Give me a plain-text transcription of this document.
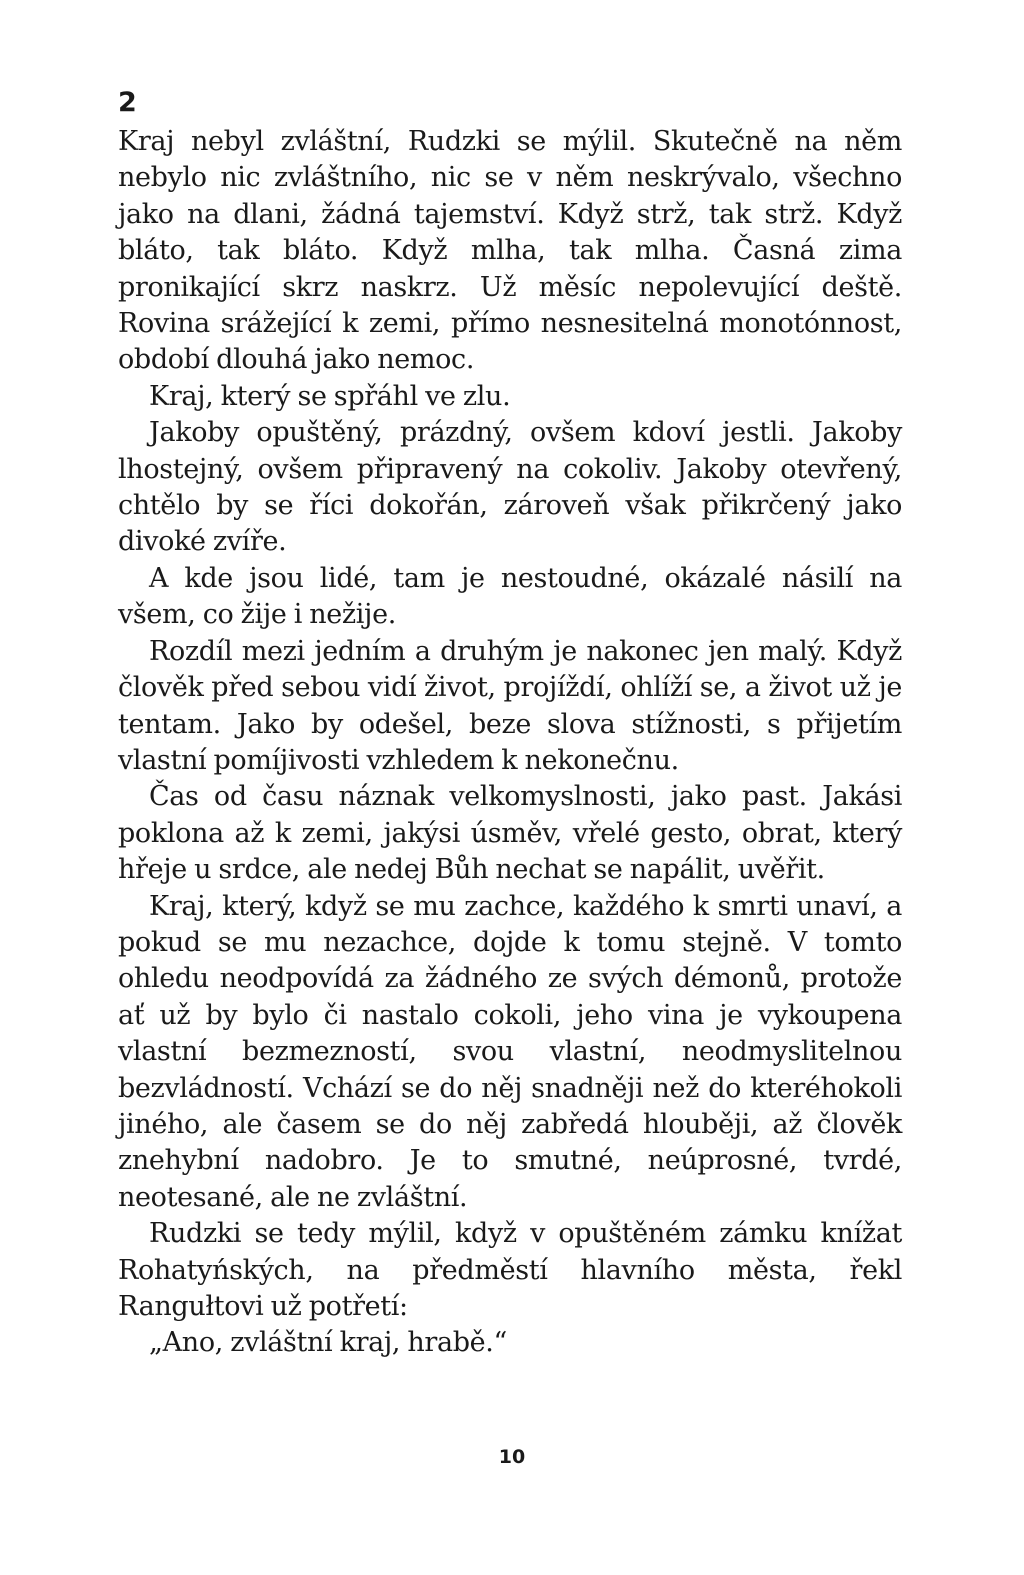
2

Kraj nebyl zvláštní, Rudzki se mýlil. Skutečně na něm nebylo nic zvláštního, nic se v něm neskrývalo, všechno jako na dlani, žádná tajemství. Když strž, tak strž. Když bláto, tak bláto. Když mlha, tak mlha. Časná zima pronikající skrz naskrz. Už měsíc nepolevující deště. Rovina srážející k zemi, přímo nesnesitelná monotónnost, období dlouhá jako nemoc.

Kraj, který se spřáhl ve zlu.

Jakoby opuštěný, prázdný, ovšem kdoví jestli. Jakoby lhostejný, ovšem připravený na cokoliv. Jakoby otevřený, chtělo by se říci dokořán, zároveň však přikrčený jako divoké zvíře.

A kde jsou lidé, tam je nestoudné, okázalé násilí na všem, co žije i nežije.

Rozdíl mezi jedním a druhým je nakonec jen malý. Když člověk před sebou vidí život, projíždí, ohlíží se, a život už je tentam. Jako by odešel, beze slova stížnosti, s přijetím vlastní pomíjivosti vzhledem k nekonečnu.

Čas od času náznak velkomyslnosti, jako past. Jakási poklona až k zemi, jakýsi úsměv, vřelé gesto, obrat, který hřeje u srdce, ale nedej Bůh nechat se napálit, uvěřit.

Kraj, který, když se mu zachce, každého k smrti unaví, a pokud se mu nezachce, dojde k tomu stejně. V tomto ohledu neodpovídá za žádného ze svých démonů, protože ať už by bylo či nastalo cokoli, jeho vina je vykoupena vlastní bezmezností, svou vlastní, neodmyslitelnou bezvládností. Vchází se do něj snadněji než do kteréhokoli jiného, ale časem se do něj zabředá hlouběji, až člověk znehybní nadobro. Je to smutné, neúprosné, tvrdé, neotesané, ale ne zvláštní.

Rudzki se tedy mýlil, když v opuštěném zámku knížat Rohatyńských, na předměstí hlavního města, řekl Rangułtovi už potřetí:

„Ano, zvláštní kraj, hrabě.“

10
